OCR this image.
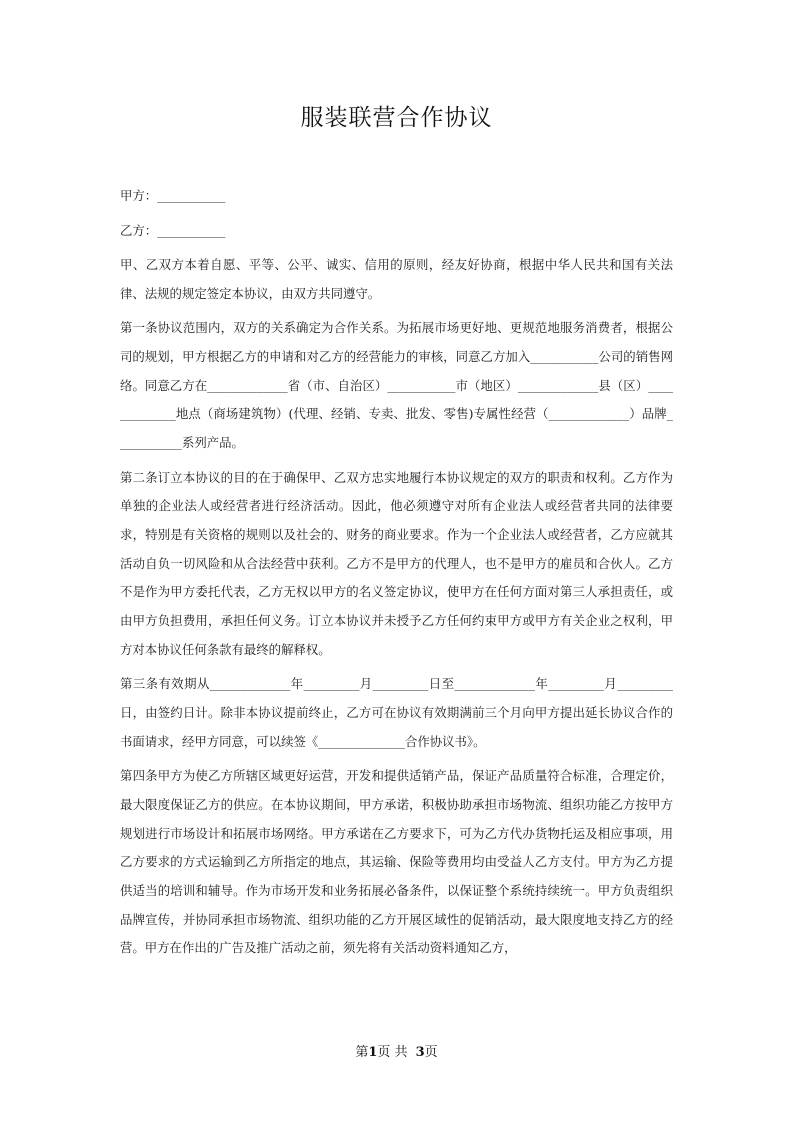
服装联营合作协议

甲方：___________

乙方：___________

甲、乙双方本着自愿、平等、公平、诚实、信用的原则，经友好协商，根据中华人民共和国有关法律、法规的规定签定本协议，由双方共同遵守。

第一条协议范围内，双方的关系确定为合作关系。为拓展市场更好地、更规范地服务消费者，根据公司的规划，甲方根据乙方的申请和对乙方的经营能力的审核，同意乙方加入___________公司的销售网络。同意乙方在_____________省（市、自治区）___________市（地区）_____________县（区）_____________地点（商场建筑物）(代理、经销、专卖、批发、零售)专属性经营（_____________）品牌___________系列产品。

第二条订立本协议的目的在于确保甲、乙双方忠实地履行本协议规定的双方的职责和权利。乙方作为单独的企业法人或经营者进行经济活动。因此，他必须遵守对所有企业法人或经营者共同的法律要求，特别是有关资格的规则以及社会的、财务的商业要求。作为一个企业法人或经营者，乙方应就其活动自负一切风险和从合法经营中获利。乙方不是甲方的代理人，也不是甲方的雇员和合伙人。乙方不是作为甲方委托代表，乙方无权以甲方的名义签定协议，使甲方在任何方面对第三人承担责任，或由甲方负担费用，承担任何义务。订立本协议并未授予乙方任何约束甲方或甲方有关企业之权利，甲方对本协议任何条款有最终的解释权。

第三条有效期从_____________年_________月_________日至_____________年_________月_________日，由签约日计。除非本协议提前终止，乙方可在协议有效期满前三个月向甲方提出延长协议合作的书面请求，经甲方同意，可以续签《______________合作协议书》。

第四条甲方为使乙方所辖区域更好运营，开发和提供适销产品，保证产品质量符合标准，合理定价，最大限度保证乙方的供应。在本协议期间，甲方承诺，积极协助承担市场物流、组织功能乙方按甲方规划进行市场设计和拓展市场网络。甲方承诺在乙方要求下，可为乙方代办货物托运及相应事项，用乙方要求的方式运输到乙方所指定的地点，其运输、保险等费用均由受益人乙方支付。甲方为乙方提供适当的培训和辅导。作为市场开发和业务拓展必备条件，以保证整个系统持续统一。甲方负责组织品牌宣传，并协同承担市场物流、组织功能的乙方开展区域性的促销活动，最大限度地支持乙方的经营。甲方在作出的广告及推广活动之前，须先将有关活动资料通知乙方，

第1页 共 3页
